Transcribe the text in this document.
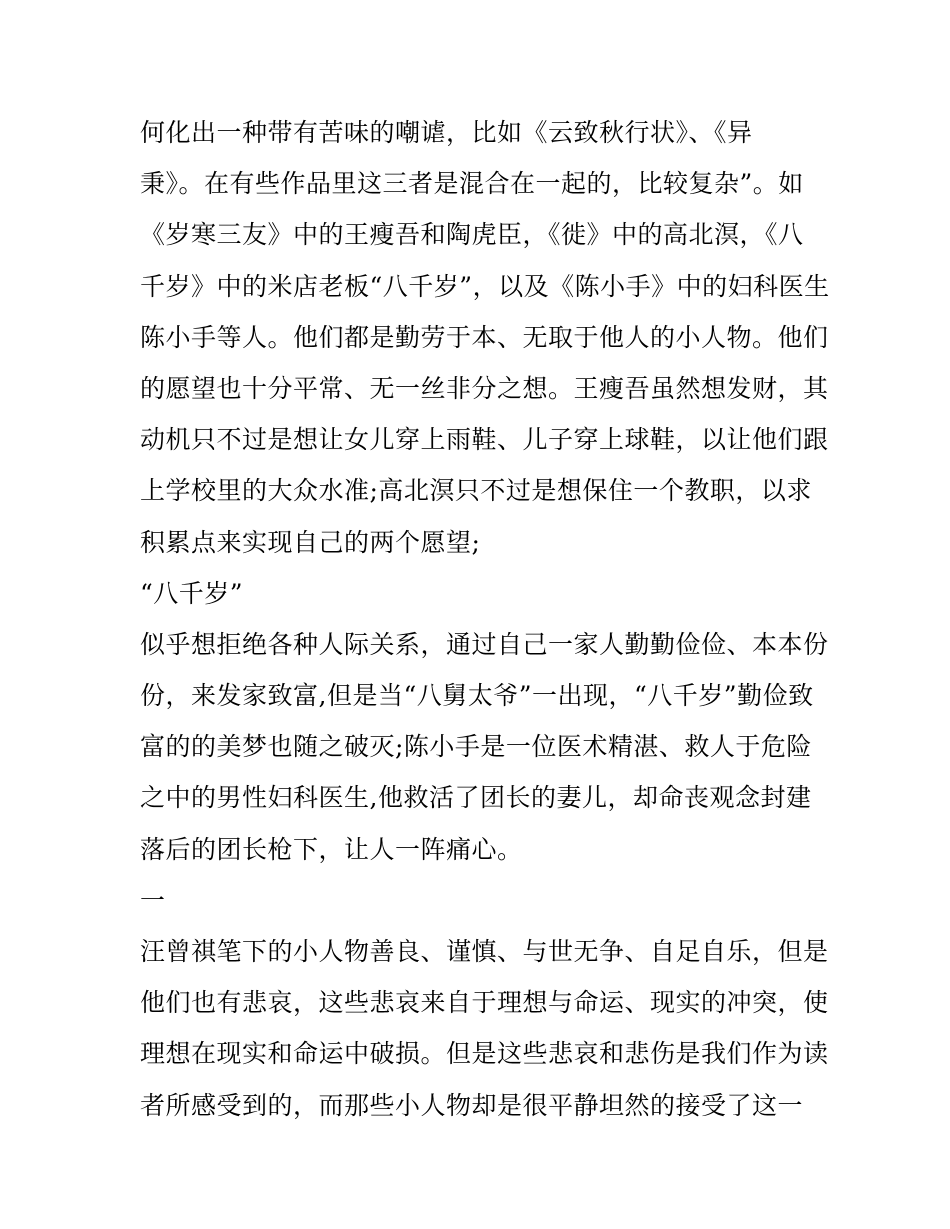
何化出一种带有苦味的嘲谑，比如《云致秋行状》、《异
秉》。在有些作品里这三者是混合在一起的，比较复杂”。如
《岁寒三友》中的王瘦吾和陶虎臣，《徙》中的高北溟，《八
千岁》中的米店老板“八千岁”，以及《陈小手》中的妇科医生
陈小手等人。他们都是勤劳于本、无取于他人的小人物。他们
的愿望也十分平常、无一丝非分之想。王瘦吾虽然想发财，其
动机只不过是想让女儿穿上雨鞋、儿子穿上球鞋，以让他们跟
上学校里的大众水准;高北溟只不过是想保住一个教职，以求
积累点来实现自己的两个愿望;
“八千岁”
似乎想拒绝各种人际关系，通过自己一家人勤勤俭俭、本本份
份，来发家致富,但是当“八舅太爷”一出现，“八千岁”勤俭致
富的的美梦也随之破灭;陈小手是一位医术精湛、救人于危险
之中的男性妇科医生,他救活了团长的妻儿，却命丧观念封建
落后的团长枪下，让人一阵痛心。
一
汪曾祺笔下的小人物善良、谨慎、与世无争、自足自乐，但是
他们也有悲哀，这些悲哀来自于理想与命运、现实的冲突，使
理想在现实和命运中破损。但是这些悲哀和悲伤是我们作为读
者所感受到的，而那些小人物却是很平静坦然的接受了这一
